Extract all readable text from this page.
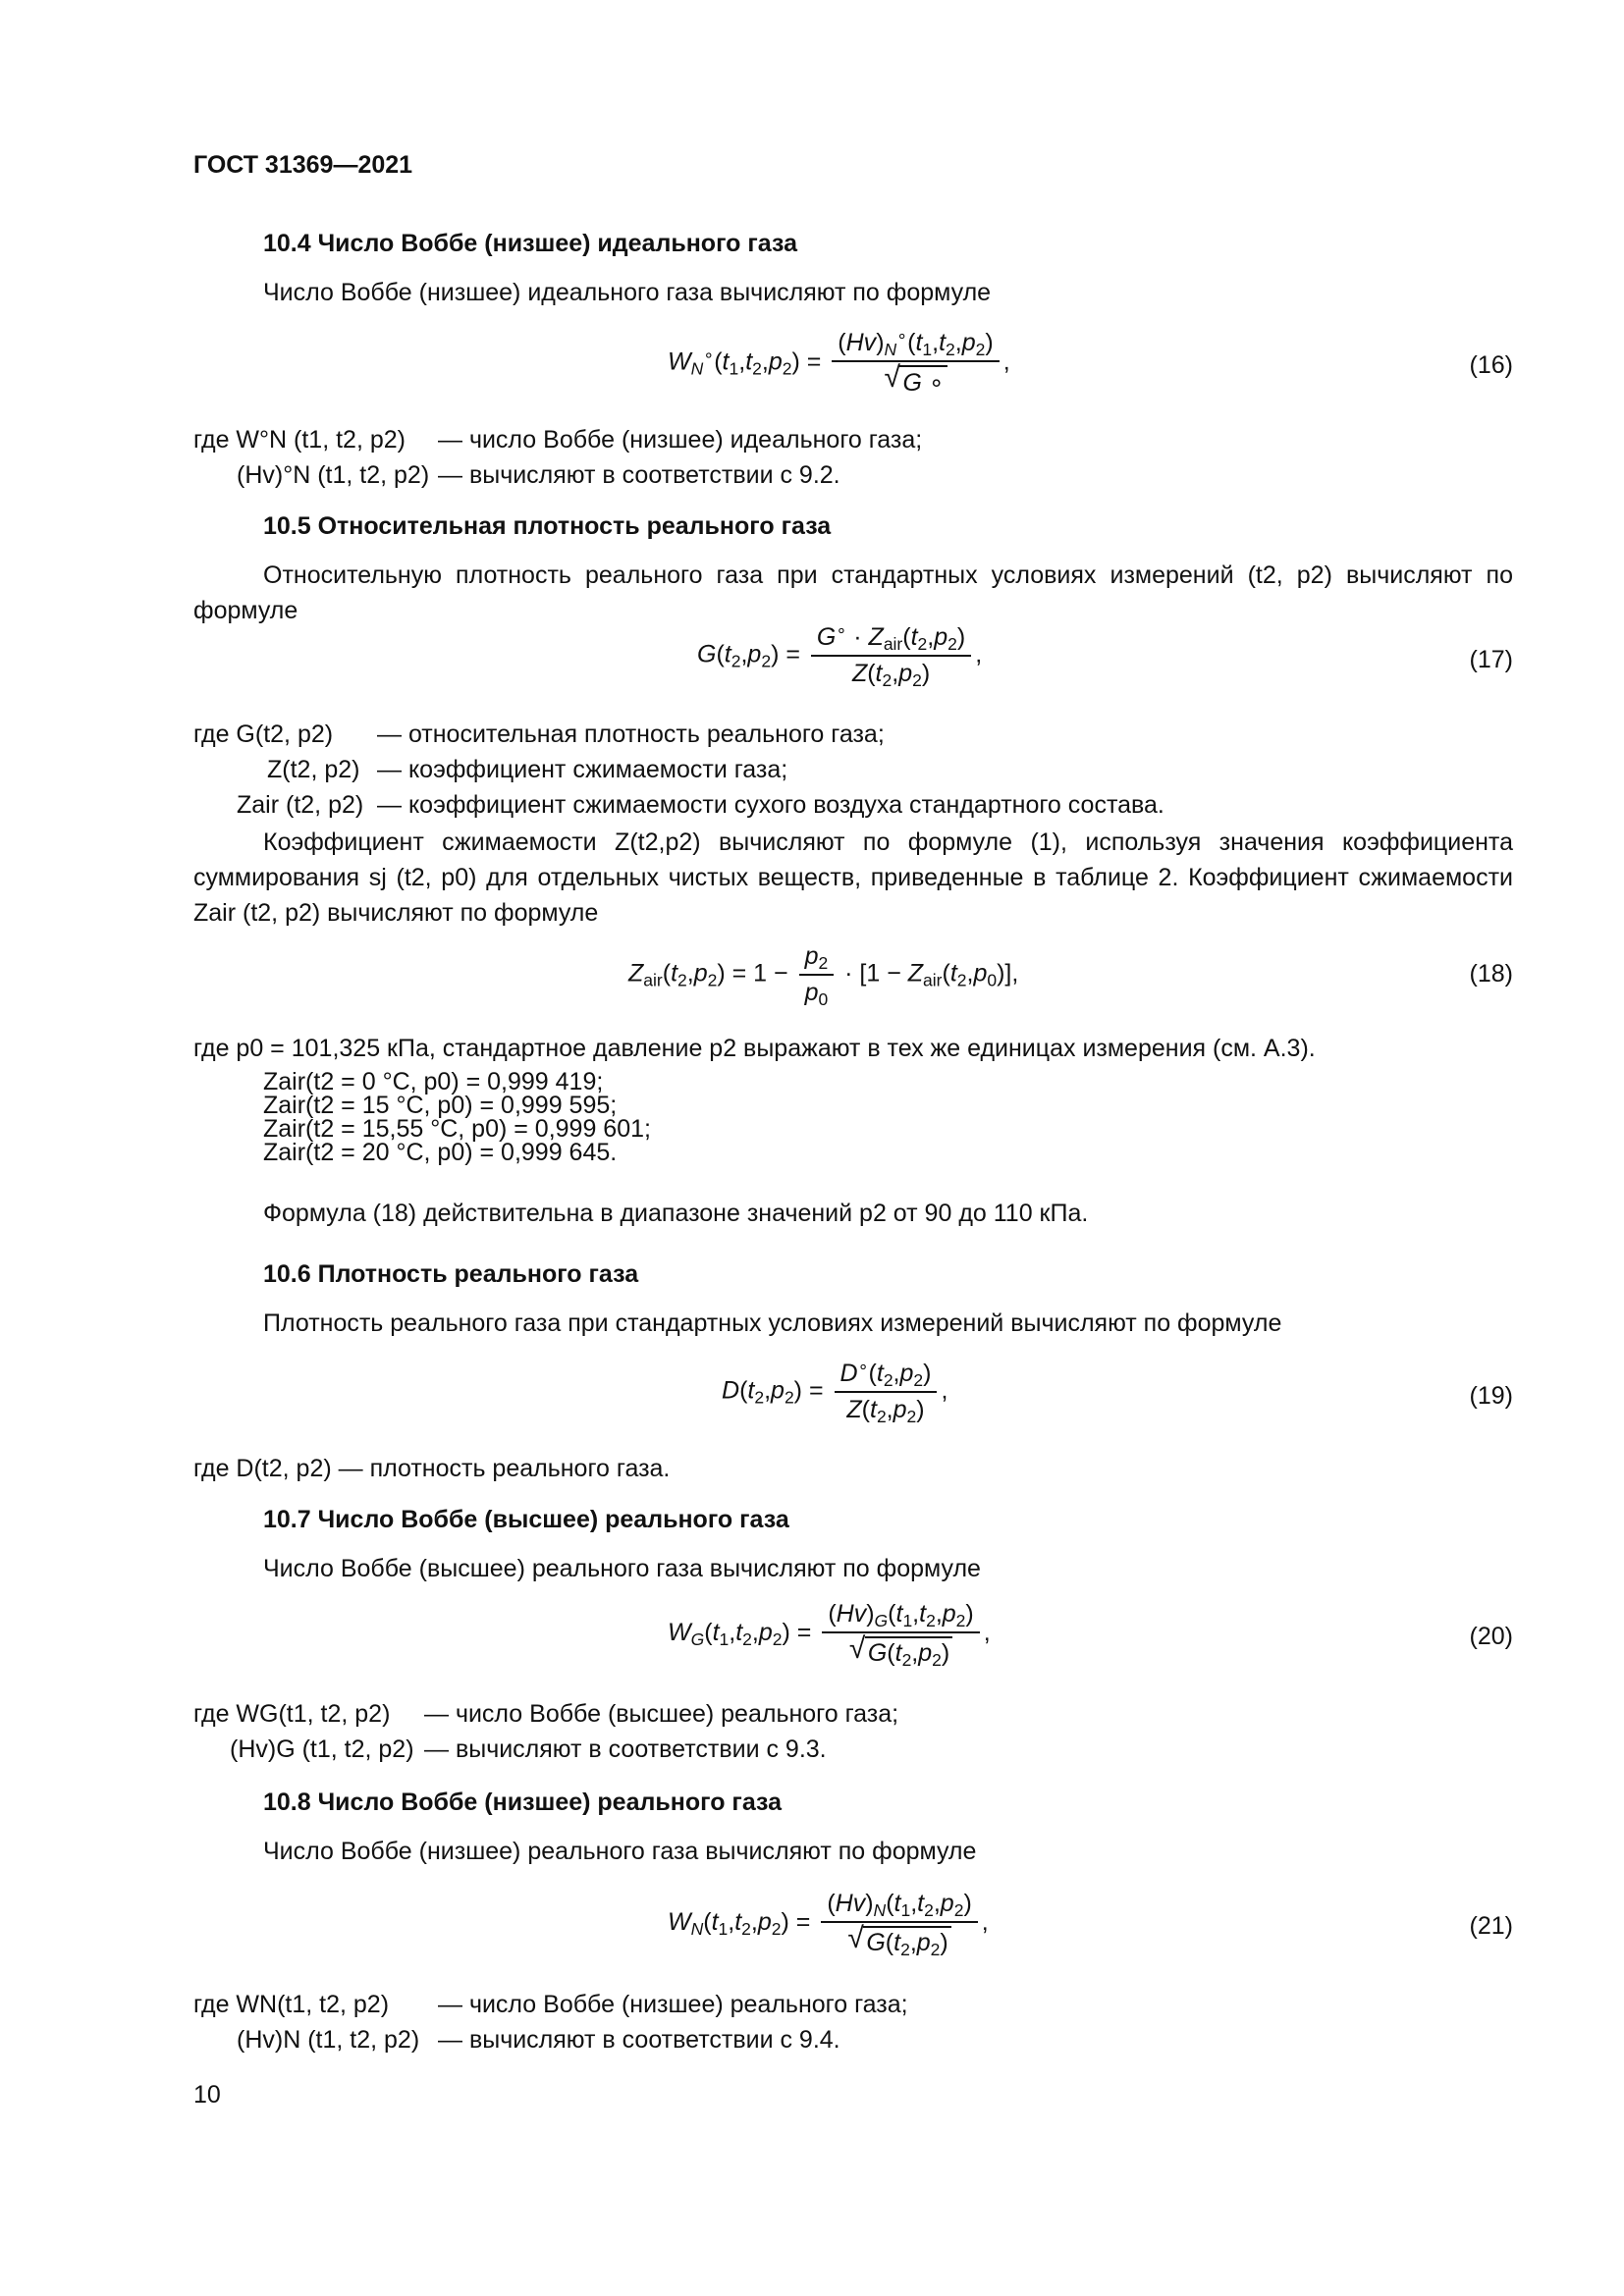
ГОСТ 31369—2021
10.4 Число Воббе (низшее) идеального газа
Число Воббе (низшее) идеального газа вычисляют по формуле
$W_N^\circ(t_1,t_2,p_2) = \frac{(Hv)_N^\circ(t_1,t_2,p_2)}{√ G \circ}$ ,	(16)
где W°N (t1, t2, p2) — число Воббе (низшее) идеального газа;
(Hv)°N (t1, t2, p2) — вычисляют в соответствии с 9.2.
10.5 Относительная плотность реального газа
Относительную плотность реального газа при стандартных условиях измерений (t2, p2) вычисляют по формуле
$G(t_2,p_2) = \frac{G^\circ \cdot Z_{air}(t_2,p_2)}{Z(t_2,p_2)}$ ,	(17)
где G(t2, p2) — относительная плотность реального газа;
Z(t2, p2) — коэффициент сжимаемости газа;
Zair (t2, p2) — коэффициент сжимаемости сухого воздуха стандартного состава.
Коэффициент сжимаемости Z(t2,p2) вычисляют по формуле (1), используя значения коэффициента суммирования sj (t2, p0) для отдельных чистых веществ, приведенные в таблице 2. Коэффициент сжимаемости Zair (t2, p2) вычисляют по формуле
$Z_{air}(t_2,p_2) = 1 - \frac{p_2}{p_0} \cdot [1 - Z_{air}(t_2,p_0)]$,	(18)
где p0 = 101,325 кПа, стандартное давление p2 выражают в тех же единицах измерения (см. А.3).
Zair(t2 = 0 °C, p0) = 0,999 419;
Zair(t2 = 15 °C, p0) = 0,999 595;
Zair(t2 = 15,55 °C, p0) = 0,999 601;
Zair(t2 = 20 °C, p0) = 0,999 645.
Формула (18) действительна в диапазоне значений p2 от 90 до 110 кПа.
10.6 Плотность реального газа
Плотность реального газа при стандартных условиях измерений вычисляют по формуле
$D(t_2,p_2) = \frac{D^\circ(t_2,p_2)}{Z(t_2,p_2)}$ ,	(19)
где D(t2, p2) — плотность реального газа.
10.7 Число Воббе (высшее) реального газа
Число Воббе (высшее) реального газа вычисляют по формуле
$W_G(t_1,t_2,p_2) = \frac{(Hv)_G(t_1,t_2,p_2)}{√ G(t_2,p_2)}$ ,	(20)
где WG(t1, t2, p2) — число Воббе (высшее) реального газа;
(Hv)G (t1, t2, p2) — вычисляют в соответствии с 9.3.
10.8 Число Воббе (низшее) реального газа
Число Воббе (низшее) реального газа вычисляют по формуле
$W_N(t_1,t_2,p_2) = \frac{(Hv)_N(t_1,t_2,p_2)}{√ G(t_2,p_2)}$ ,	(21)
где WN(t1, t2, p2) — число Воббе (низшее) реального газа;
(Hv)N (t1, t2, p2) — вычисляют в соответствии с 9.4.
10
